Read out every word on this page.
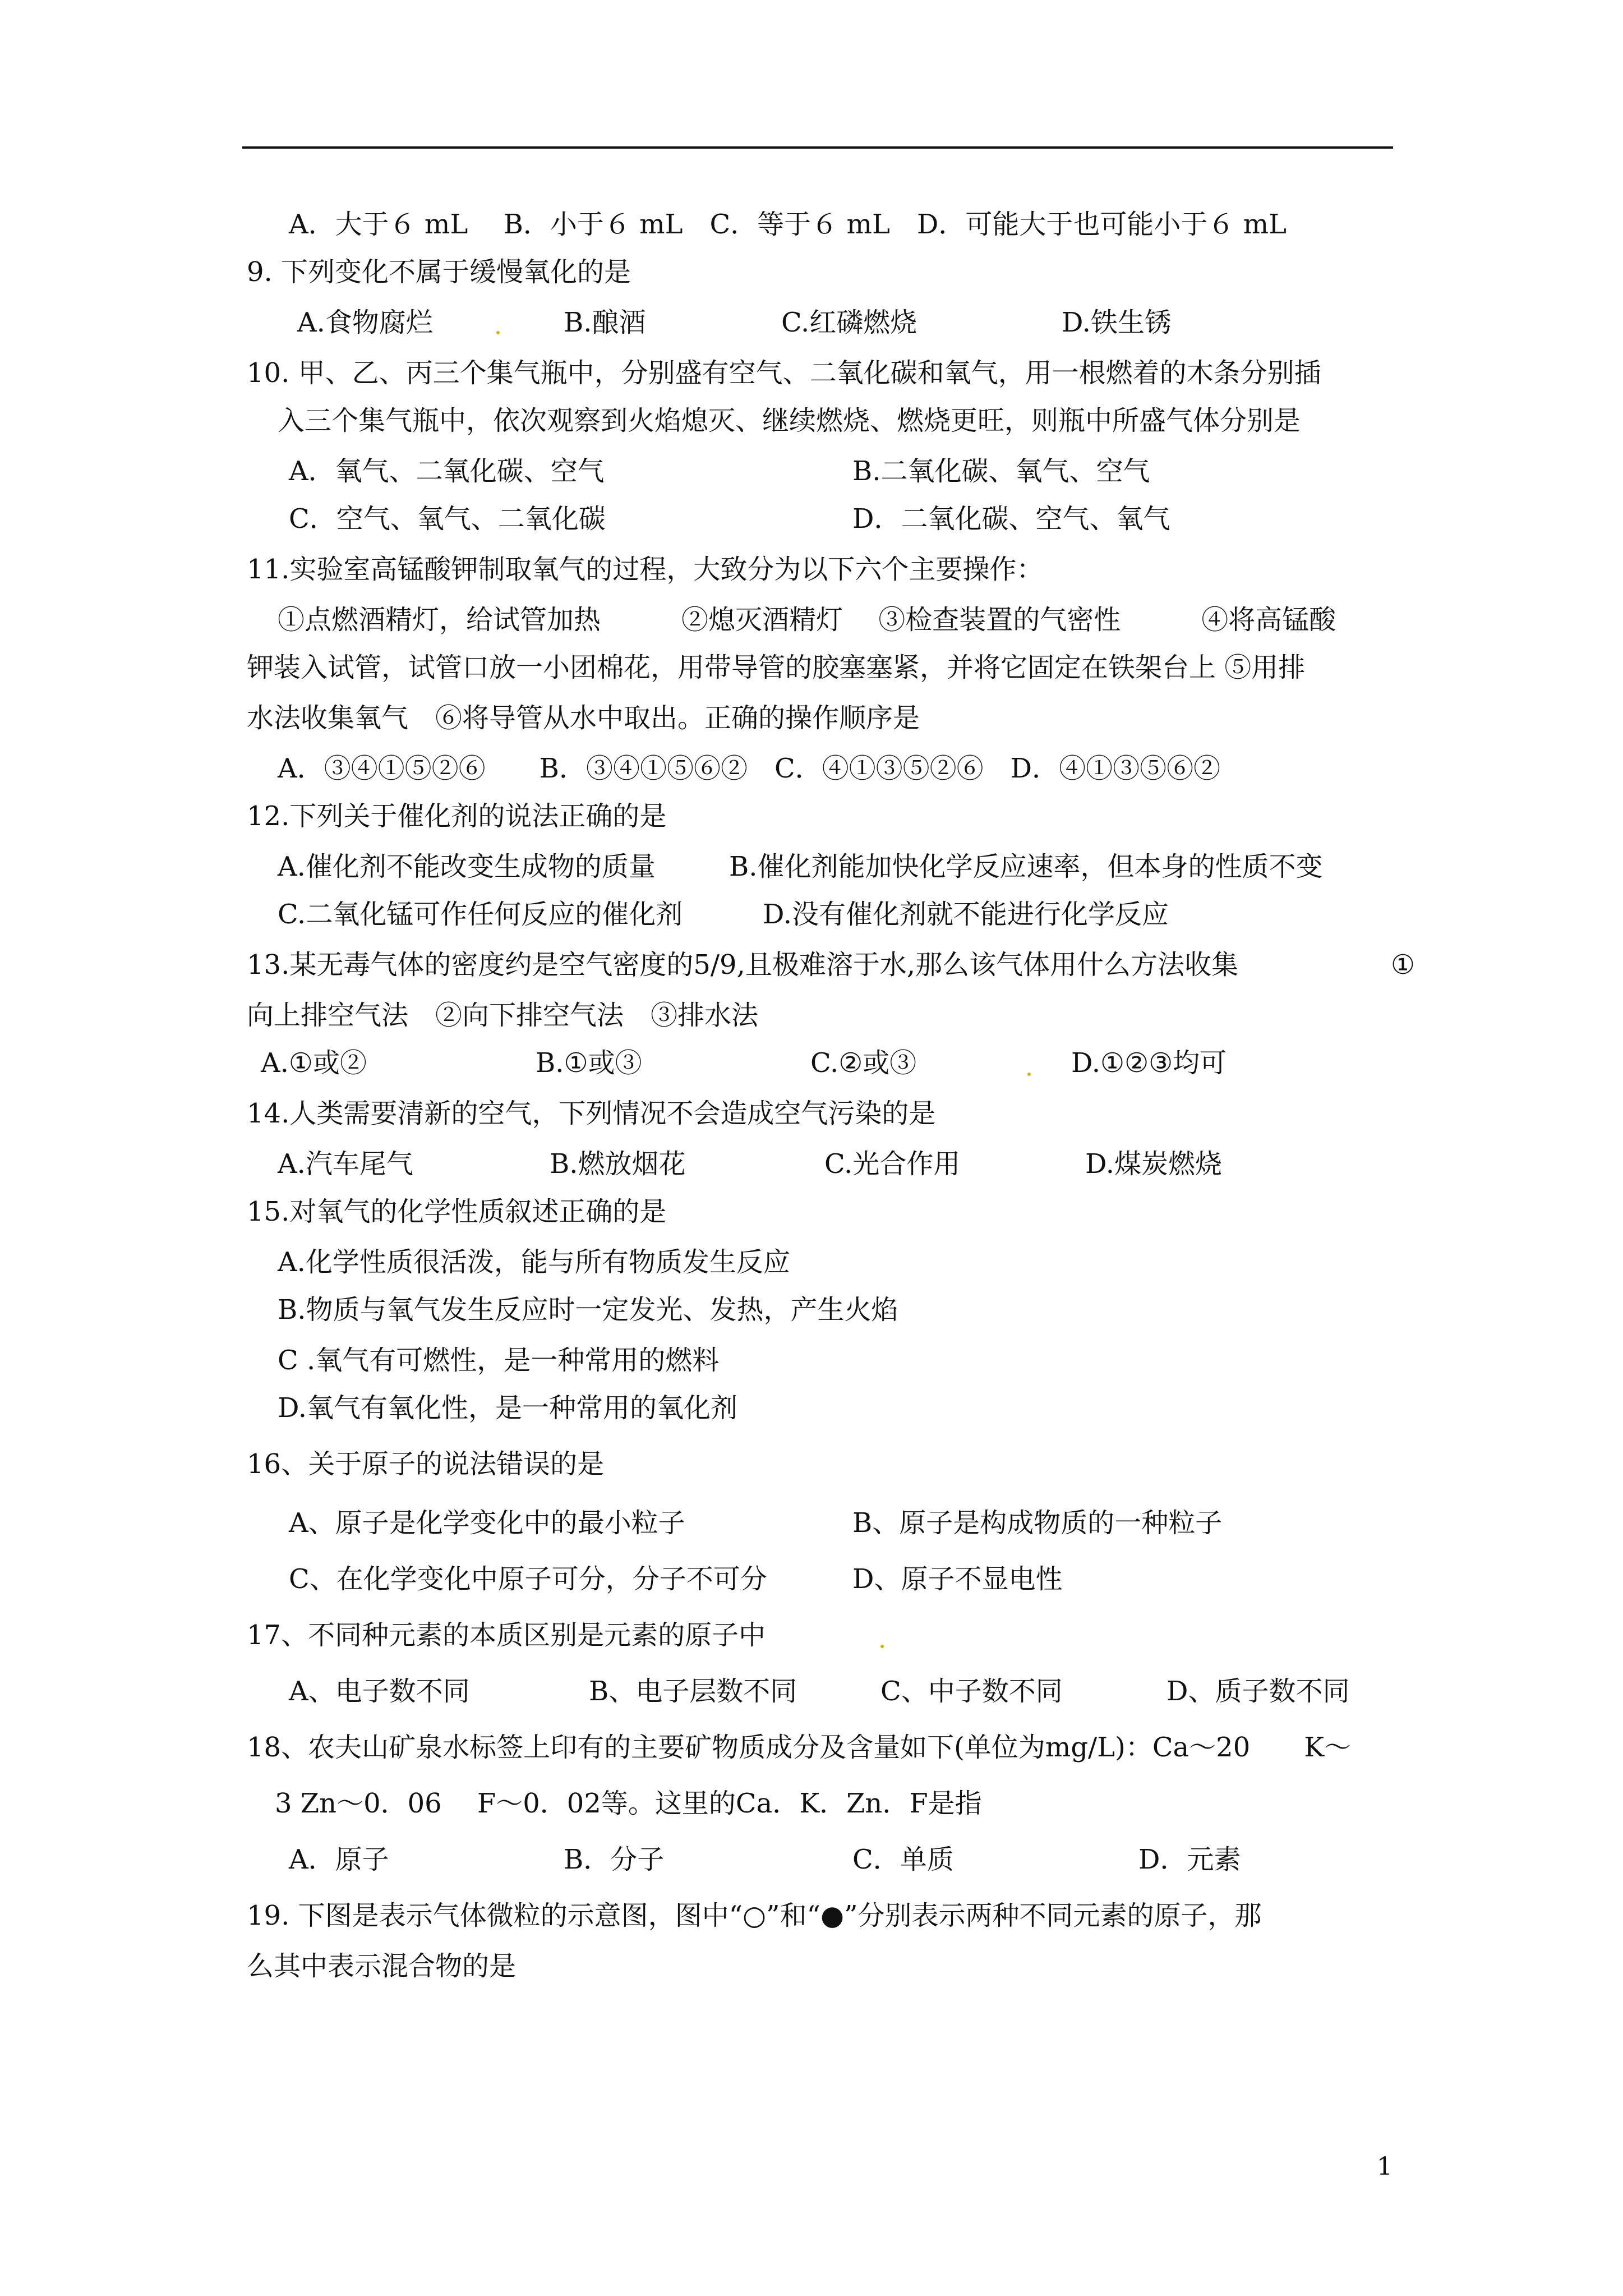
A．大于６ mL　 B．小于６ mL　C．等于６ mL　D．可能大于也可能小于６ mL
9. 下列变化不属于缓慢氧化的是
A.食物腐烂	B.酿酒	C.红磷燃烧	D.铁生锈
10. 甲、乙、丙三个集气瓶中，分别盛有空气、二氧化碳和氧气，用一根燃着的木条分别插
入三个集气瓶中，依次观察到火焰熄灭、继续燃烧、燃烧更旺，则瓶中所盛气体分别是
A．氧气、二氧化碳、空气	B.二氧化碳、氧气、空气
C．空气、氧气、二氧化碳	D．二氧化碳、空气、氧气
11.实验室高锰酸钾制取氧气的过程，大致分为以下六个主要操作：
①点燃酒精灯，给试管加热　　　②熄灭酒精灯　 ③检查装置的气密性　　　④将高锰酸
钾装入试管，试管口放一小团棉花，用带导管的胶塞塞紧，并将它固定在铁架台上 ⑤用排
水法收集氧气　⑥将导管从水中取出。正确的操作顺序是
A．③④①⑤②⑥　　B．③④①⑤⑥②　C．④①③⑤②⑥　D．④①③⑤⑥②
12.下列关于催化剂的说法正确的是
A.催化剂不能改变生成物的质量	B.催化剂能加快化学反应速率，但本身的性质不变
C.二氧化锰可作任何反应的催化剂	D.没有催化剂就不能进行化学反应
13.某无毒气体的密度约是空气密度的5/9,且极难溶于水,那么该气体用什么方法收集	①
向上排空气法　②向下排空气法　③排水法
A.①或②	B.①或③	C.②或③	D.①②③均可
14.人类需要清新的空气，下列情况不会造成空气污染的是
A.汽车尾气	B.燃放烟花	C.光合作用	D.煤炭燃烧
15.对氧气的化学性质叙述正确的是
A.化学性质很活泼，能与所有物质发生反应
B.物质与氧气发生反应时一定发光、发热，产生火焰
C .氧气有可燃性，是一种常用的燃料
D.氧气有氧化性，是一种常用的氧化剂
16、关于原子的说法错误的是
A、原子是化学变化中的最小粒子	B、原子是构成物质的一种粒子
C、在化学变化中原子可分，分子不可分	D、原子不显电性
17、不同种元素的本质区别是元素的原子中
A、电子数不同	B、电子层数不同	C、中子数不同	D、质子数不同
18、农夫山矿泉水标签上印有的主要矿物质成分及含量如下(单位为mg/L)：Ca～20　　K～
3 Zn～0．06　 F～0．02等。这里的Ca．K．Zn．F是指
A．原子	B．分子	C．单质	D．元素
19. 下图是表示气体微粒的示意图，图中“○”和“●”分别表示两种不同元素的原子，那
么其中表示混合物的是
1
